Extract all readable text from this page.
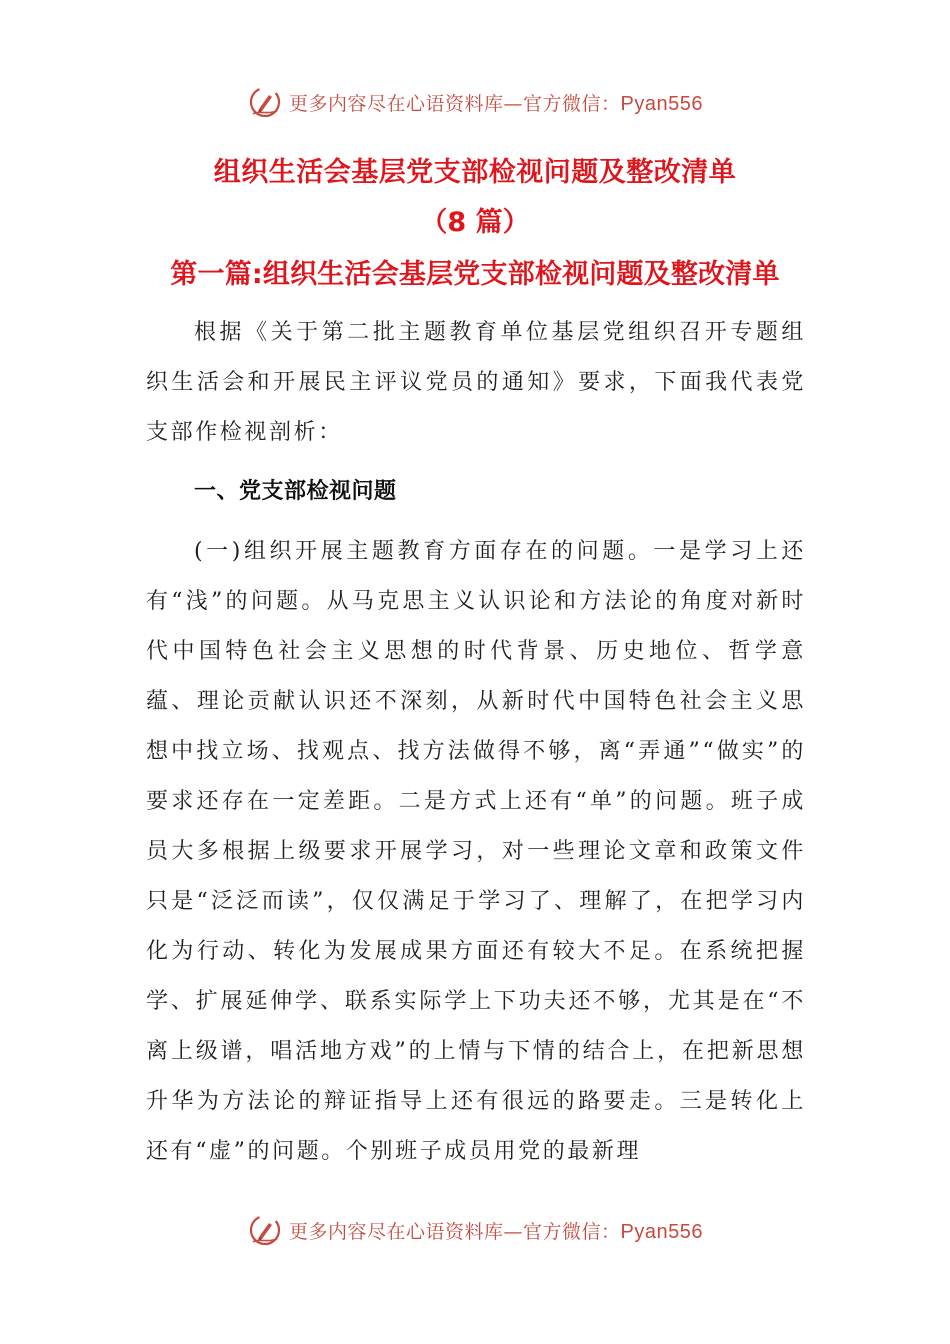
更多内容尽在心语资料库—官方微信：Pyan556
组织生活会基层党支部检视问题及整改清单
（8 篇）
第一篇:组织生活会基层党支部检视问题及整改清单

根据《关于第二批主题教育单位基层党组织召开专题组织生活会和开展民主评议党员的通知》要求，下面我代表党支部作检视剖析：

一、党支部检视问题

(一)组织开展主题教育方面存在的问题。一是学习上还有“浅”的问题。从马克思主义认识论和方法论的角度对新时代中国特色社会主义思想的时代背景、历史地位、哲学意蕴、理论贡献认识还不深刻，从新时代中国特色社会主义思想中找立场、找观点、找方法做得不够，离“弄通”“做实”的要求还存在一定差距。二是方式上还有“单”的问题。班子成员大多根据上级要求开展学习，对一些理论文章和政策文件只是“泛泛而读”，仅仅满足于学习了、理解了，在把学习内化为行动、转化为发展成果方面还有较大不足。在系统把握学、扩展延伸学、联系实际学上下功夫还不够，尤其是在“不离上级谱，唱活地方戏”的上情与下情的结合上，在把新思想升华为方法论的辩证指导上还有很远的路要走。三是转化上还有“虚”的问题。个别班子成员用党的最新理

更多内容尽在心语资料库—官方微信：Pyan556
